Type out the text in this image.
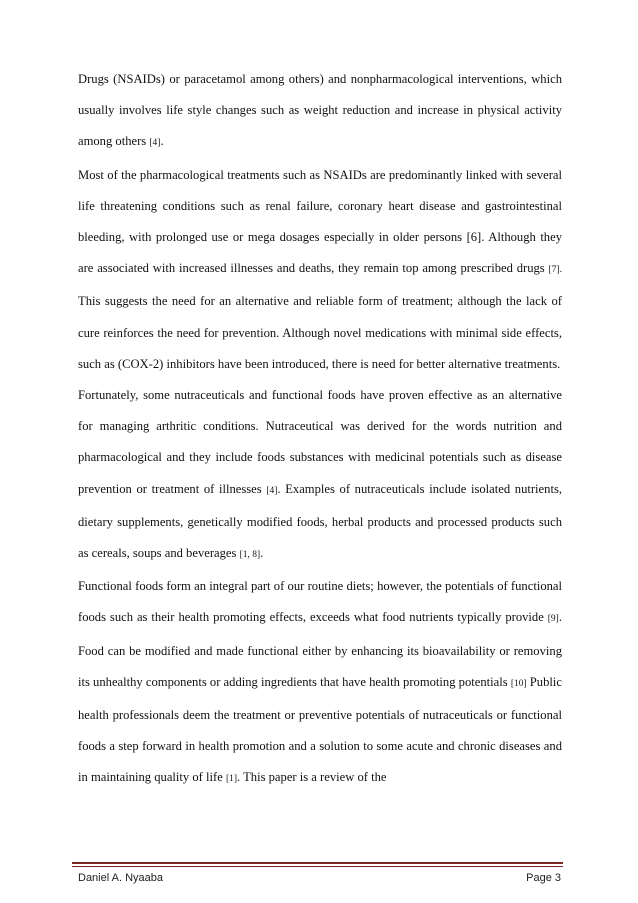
Drugs (NSAIDs) or paracetamol among others) and nonpharmacological interventions, which usually involves life style changes such as weight reduction and increase in physical activity among others [4].

Most of the pharmacological treatments such as NSAIDs are predominantly linked with several life threatening conditions such as renal failure, coronary heart disease and gastrointestinal bleeding, with prolonged use or mega dosages especially in older persons [6]. Although they are associated with increased illnesses and deaths, they remain top among prescribed drugs [7]. This suggests the need for an alternative and reliable form of treatment; although the lack of cure reinforces the need for prevention. Although novel medications with minimal side effects, such as (COX-2) inhibitors have been introduced, there is need for better alternative treatments.

Fortunately, some nutraceuticals and functional foods have proven effective as an alternative for managing arthritic conditions. Nutraceutical was derived for the words nutrition and pharmacological and they include foods substances with medicinal potentials such as disease prevention or treatment of illnesses [4]. Examples of nutraceuticals include isolated nutrients, dietary supplements, genetically modified foods, herbal products and processed products such as cereals, soups and beverages [1, 8].

Functional foods form an integral part of our routine diets; however, the potentials of functional foods such as their health promoting effects, exceeds what food nutrients typically provide [9]. Food can be modified and made functional either by enhancing its bioavailability or removing its unhealthy components or adding ingredients that have health promoting potentials [10] Public health professionals deem the treatment or preventive potentials of nutraceuticals or functional foods a step forward in health promotion and a solution to some acute and chronic diseases and in maintaining quality of life [1]. This paper is a review of the

Daniel A. Nyaaba	Page 3
